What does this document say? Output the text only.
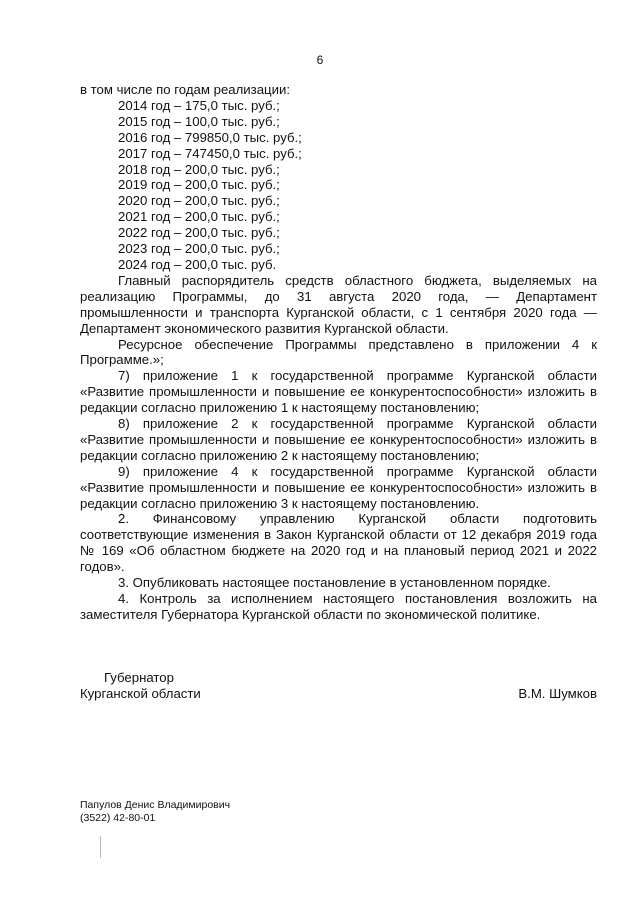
6

в том числе по годам реализации:

2014 год – 175,0 тыс. руб.;

2015 год – 100,0 тыс. руб.;

2016 год – 799850,0 тыс. руб.;

2017 год – 747450,0 тыс. руб.;

2018 год – 200,0 тыс. руб.;

2019 год – 200,0 тыс. руб.;

2020 год – 200,0 тыс. руб.;

2021 год – 200,0 тыс. руб.;

2022 год – 200,0 тыс. руб.;

2023 год – 200,0 тыс. руб.;

2024 год – 200,0 тыс. руб.

Главный распорядитель средств областного бюджета, выделяемых на реализацию Программы, до 31 августа 2020 года, — Департамент промышленности и транспорта Курганской области, с 1 сентября 2020 года — Департамент экономического развития Курганской области.

Ресурсное обеспечение Программы представлено в приложении 4 к Программе.»;

7) приложение 1 к государственной программе Курганской области «Развитие промышленности и повышение ее конкурентоспособности» изложить в редакции согласно приложению 1 к настоящему постановлению;

8) приложение 2 к государственной программе Курганской области «Развитие промышленности и повышение ее конкурентоспособности» изложить в редакции согласно приложению 2 к настоящему постановлению;

9) приложение 4 к государственной программе Курганской области «Развитие промышленности и повышение ее конкурентоспособности» изложить в редакции согласно приложению 3 к настоящему постановлению.

2. Финансовому управлению Курганской области подготовить соответствующие изменения в Закон Курганской области от 12 декабря 2019 года № 169 «Об областном бюджете на 2020 год и на плановый период 2021 и 2022 годов».

3. Опубликовать настоящее постановление в установленном порядке.

4. Контроль за исполнением настоящего постановления возложить на заместителя Губернатора Курганской области по экономической политике.

Губернатор
Курганской области	В.М. Шумков
Папулов Денис Владимирович
(3522) 42-80-01
